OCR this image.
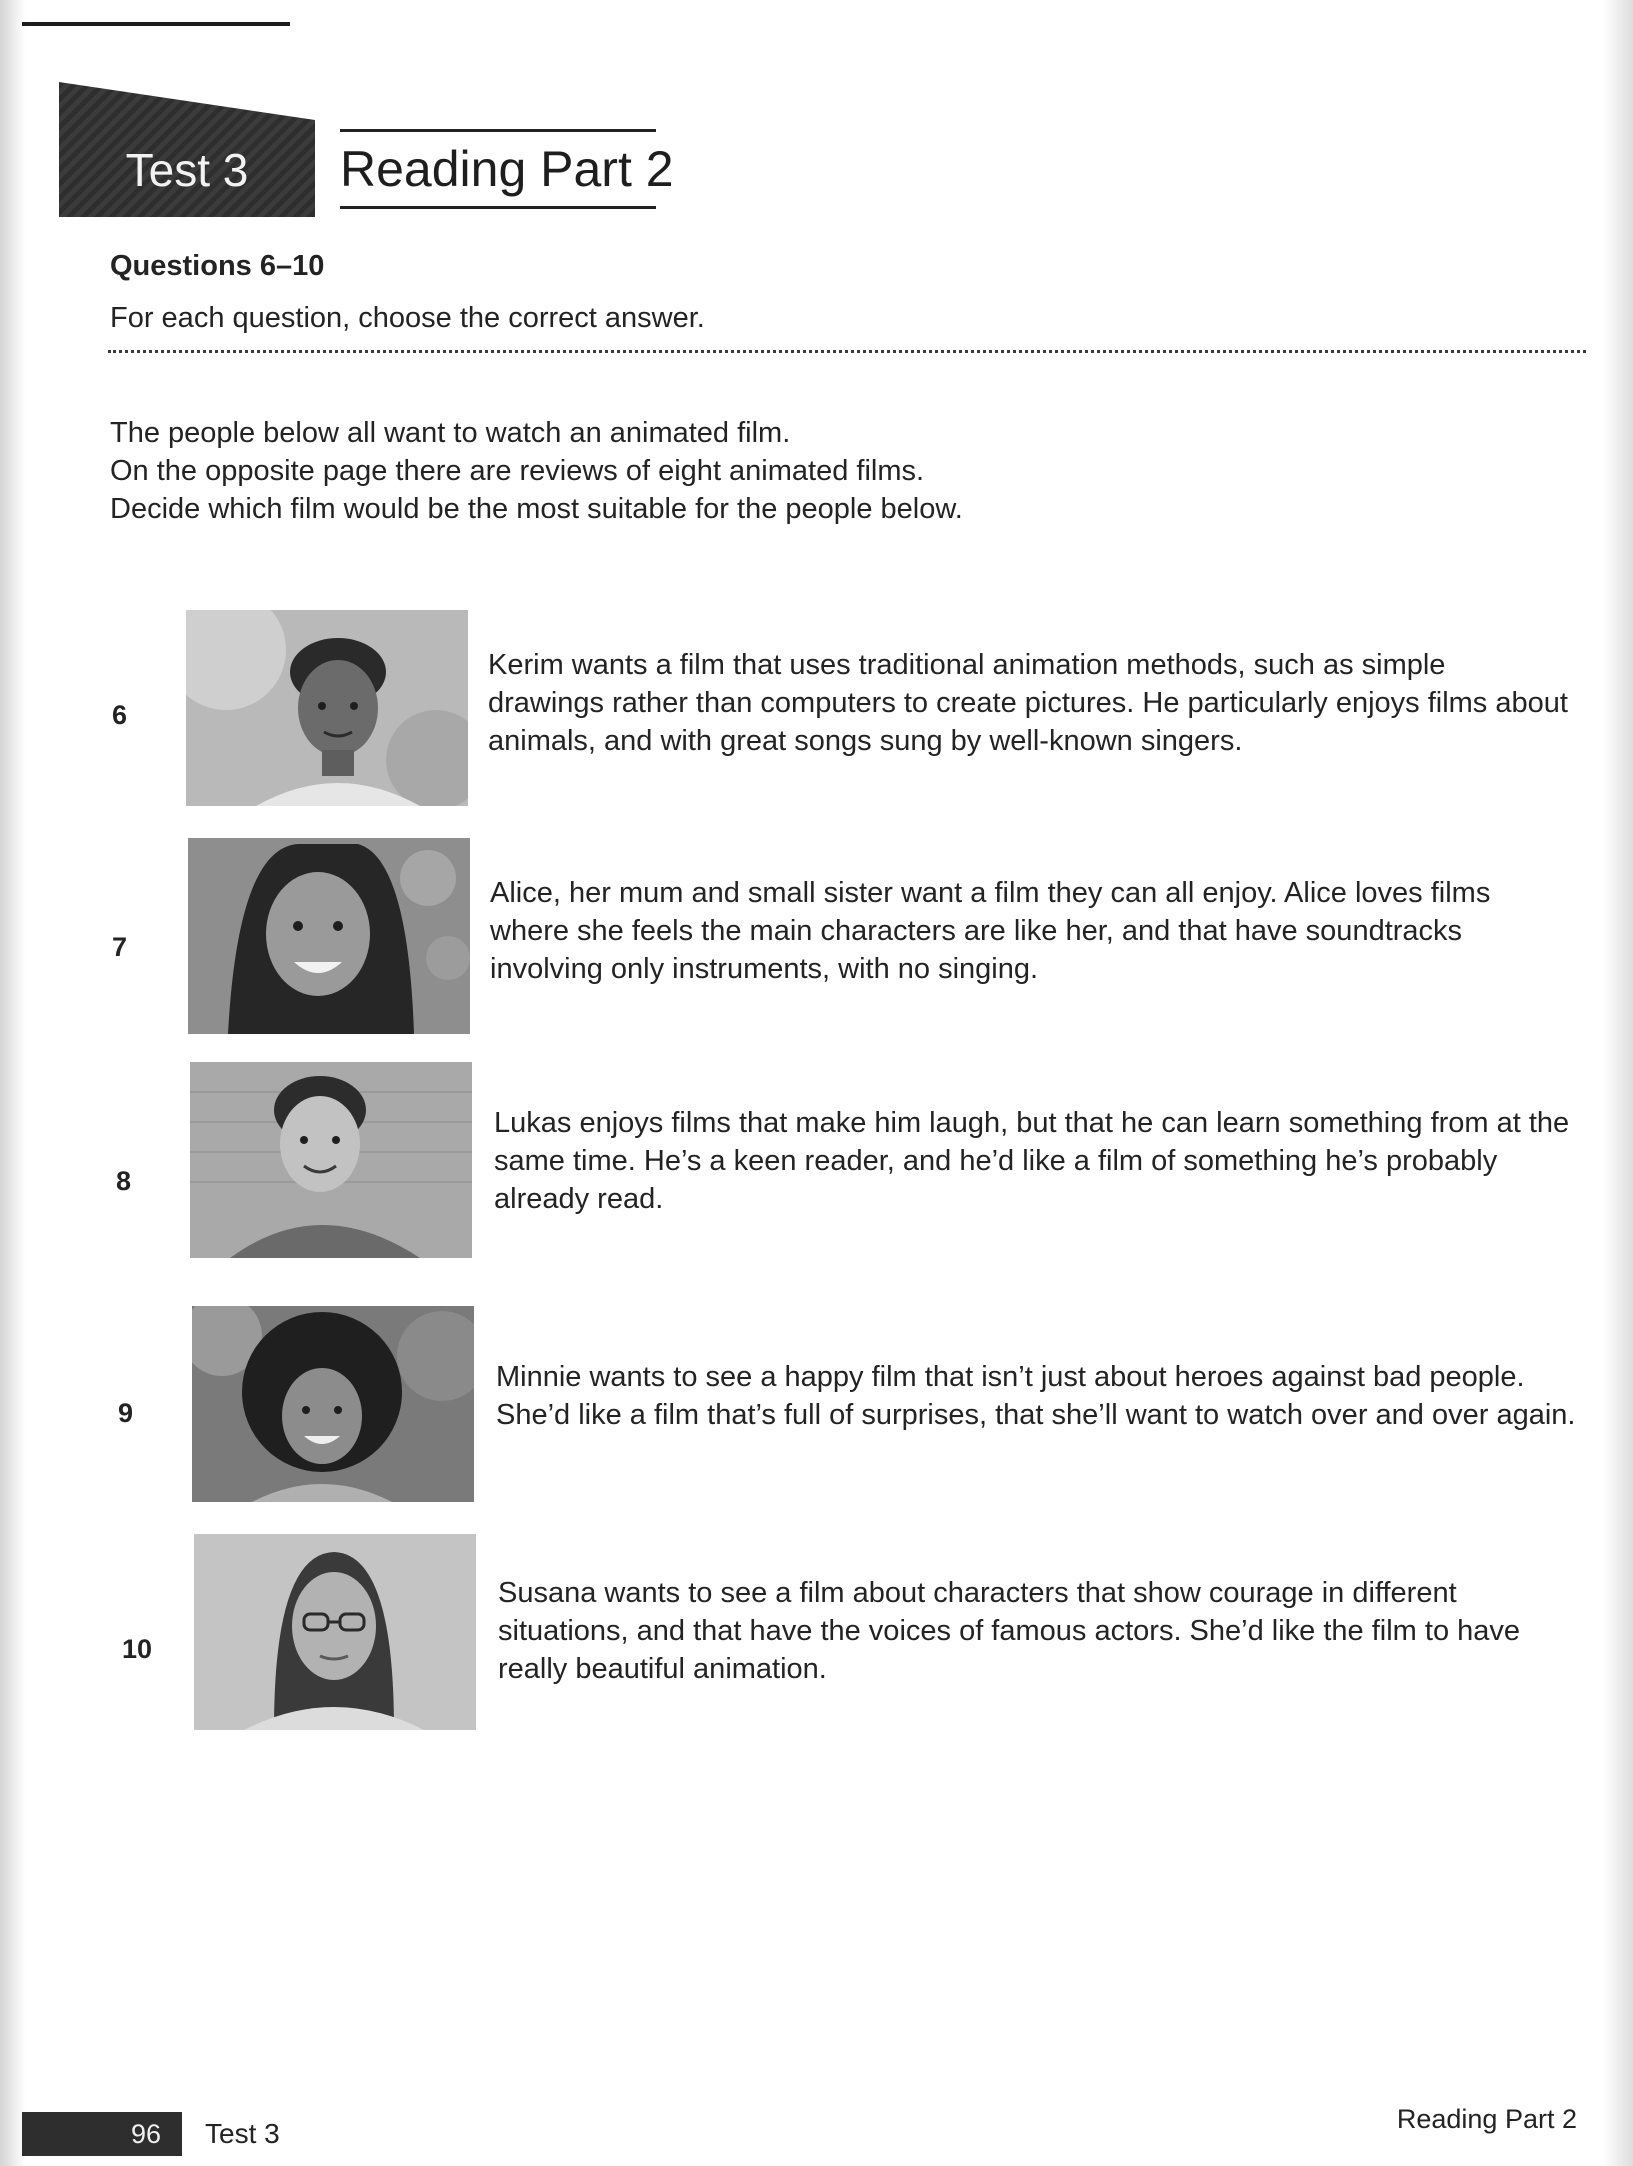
Test 3	Reading Part 2
Questions 6–10
For each question, choose the correct answer.

The people below all want to watch an animated film.

On the opposite page there are reviews of eight animated films.

Decide which film would be the most suitable for the people below.

6
Kerim wants a film that uses traditional animation methods, such as simple drawings rather than computers to create pictures. He particularly enjoys films about animals, and with great songs sung by well-known singers.
7
Alice, her mum and small sister want a film they can all enjoy. Alice loves films where she feels the main characters are like her, and that have soundtracks involving only instruments, with no singing.
8
Lukas enjoys films that make him laugh, but that he can learn something from at the same time. He’s a keen reader, and he’d like a film of something he’s probably already read.
9
Minnie wants to see a happy film that isn’t just about heroes against bad people. She’d like a film that’s full of surprises, that she’ll want to watch over and over again.
10
Susana wants to see a film about characters that show courage in different situations, and that have the voices of famous actors. She’d like the film to have really beautiful animation.
96	Test 3	Reading Part 2
